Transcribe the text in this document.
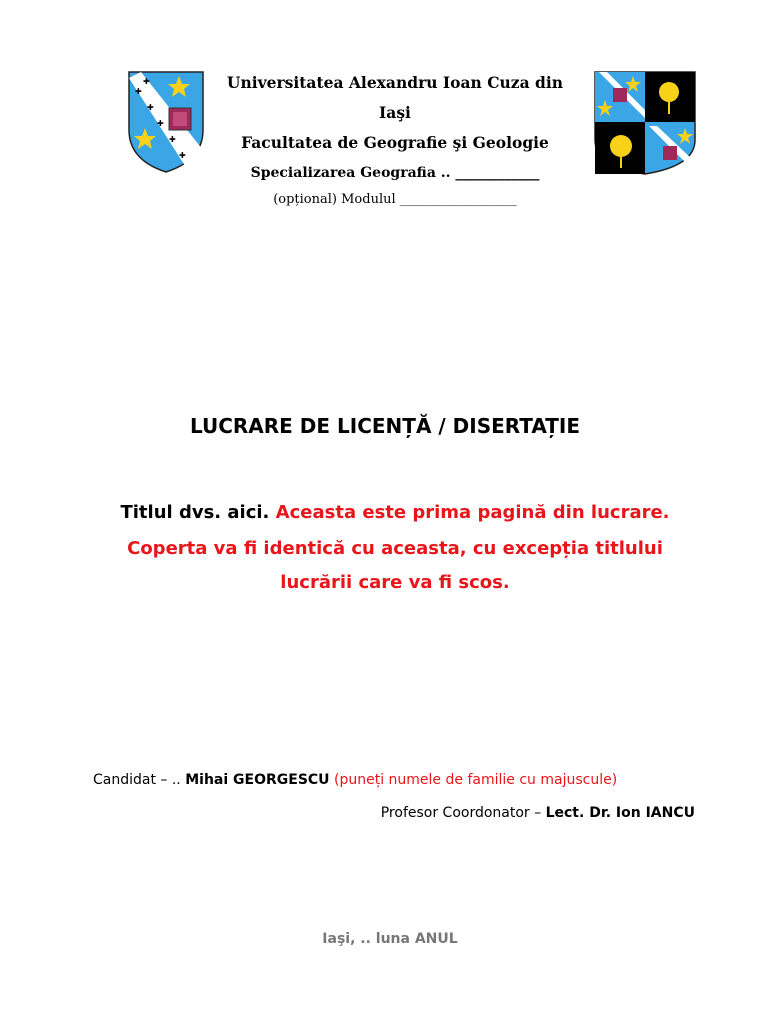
✚
✚
✚
✚
✚
✚	Universitatea Alexandru Ioan Cuza din
Iaşi
Facultatea de Geografie şi Geologie
Specializarea Geografia .. ____________
(opțional) Modulul __________________
LUCRARE DE LICENȚĂ / DISERTAȚIE
Titlul dvs. aici. Aceasta este prima pagină din lucrare.
Coperta va fi identică cu aceasta, cu excepția titlului lucrării care va fi scos.
Candidat – .. Mihai GEORGESCU (puneți numele de familie cu majuscule)
Profesor Coordonator – Lect. Dr. Ion IANCU
Iaşi, .. luna ANUL
